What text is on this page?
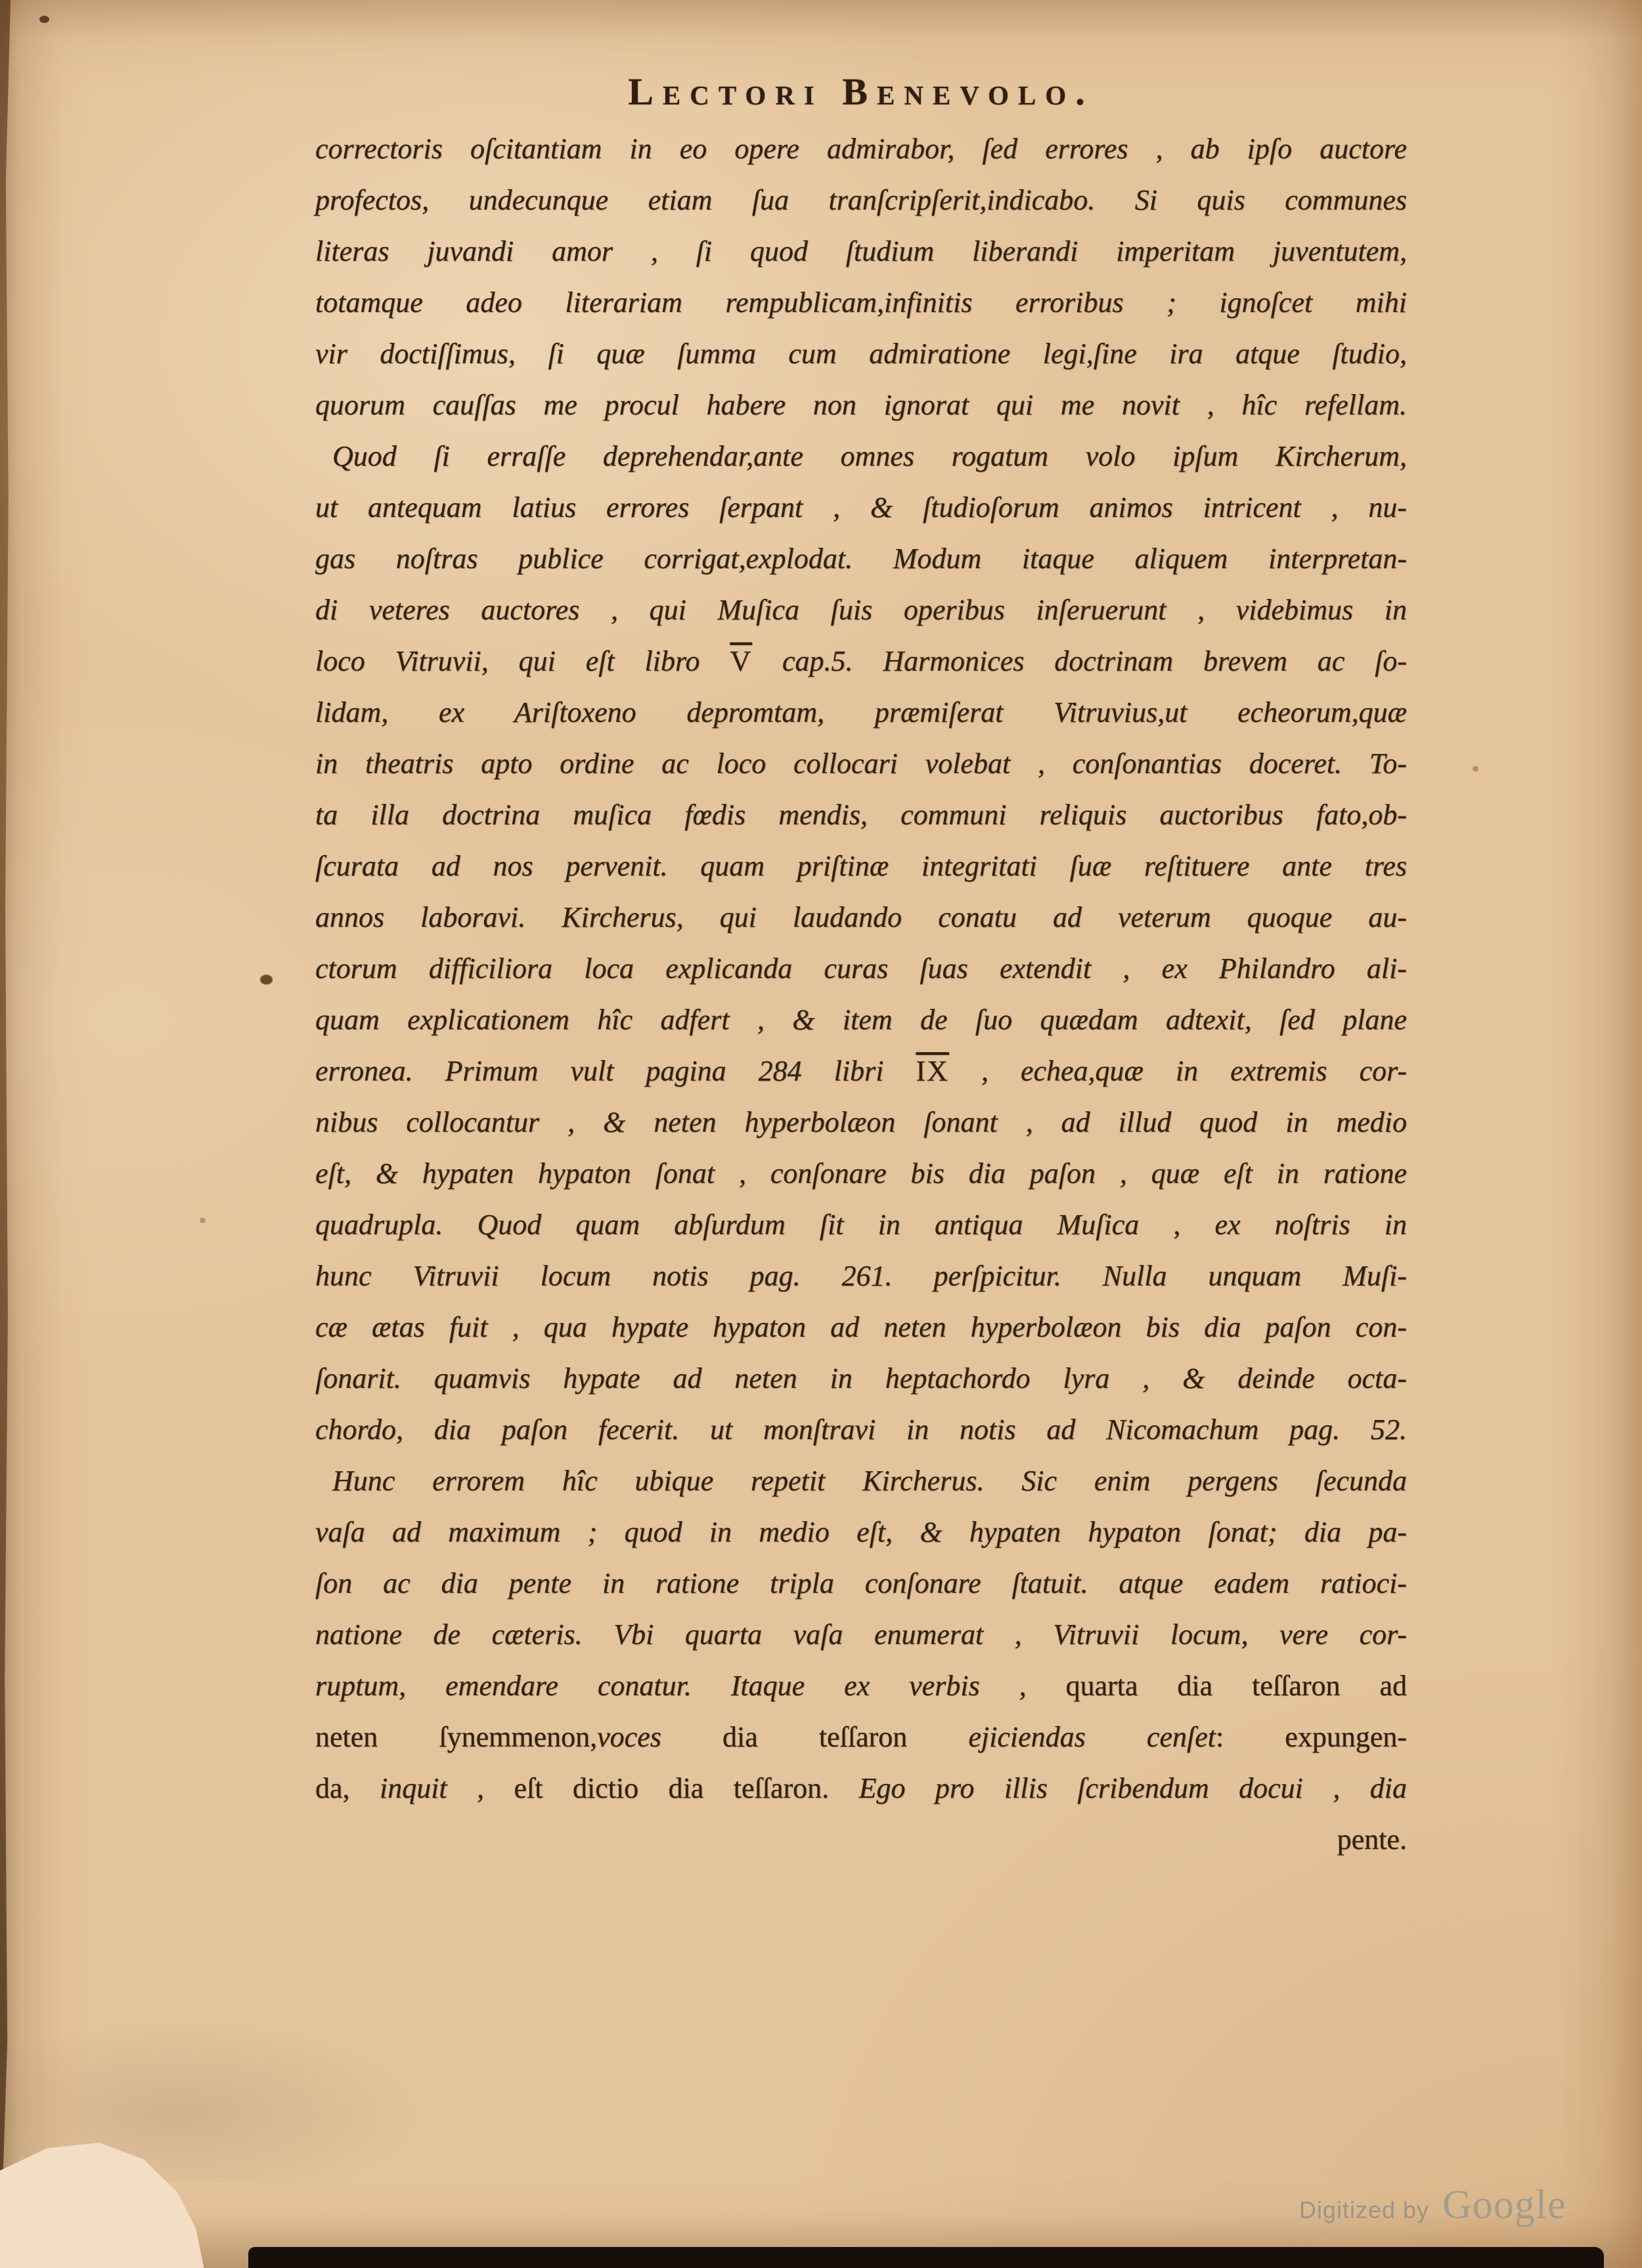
Lectori Benevolo.
correctoris oſcitantiam in eo opere admirabor, ſed errores , ab ipſo auctore
profectos, undecunque etiam ſua tranſcripſerit,indicabo. Si quis communes
literas juvandi amor , ſi quod ſtudium liberandi imperitam juventutem,
totamque adeo literariam rempublicam,infinitis erroribus ; ignoſcet mihi
vir doctiſſimus, ſi quæ ſumma cum admiratione legi,ſine ira atque ſtudio,
quorum cauſſas me procul habere non ignorat qui me novit , hîc refellam.
Quod ſi erraſſe deprehendar,ante omnes rogatum volo ipſum Kircherum,
ut antequam latius errores ſerpant , & ſtudioſorum animos intricent , nu-
gas noſtras publice corrigat,explodat. Modum itaque aliquem interpretan-
di veteres auctores , qui Muſica ſuis operibus inſeruerunt , videbimus in
loco Vitruvii, qui eſt libro $\overline{V}$ cap.5. Harmonices doctrinam brevem ac ſo-
lidam, ex Ariſtoxeno depromtam, præmiſerat Vitruvius,ut echeorum,quæ
in theatris apto ordine ac loco collocari volebat , conſonantias doceret. To-
ta illa doctrina muſica fœdis mendis, communi reliquis auctoribus fato,ob-
ſcurata ad nos pervenit. quam priſtinæ integritati ſuæ reſtituere ante tres
annos laboravi. Kircherus, qui laudando conatu ad veterum quoque au-
ctorum difficiliora loca explicanda curas ſuas extendit , ex Philandro ali-
quam explicationem hîc adfert , & item de ſuo quædam adtexit, ſed plane
erronea. Primum vult pagina 284 libri $\overline{IX}$ , echea,quæ in extremis cor-
nibus collocantur , & neten hyperbolæon ſonant , ad illud quod in medio
eſt, & hypaten hypaton ſonat , conſonare bis dia paſon , quæ eſt in ratione
quadrupla. Quod quam abſurdum ſit in antiqua Muſica , ex noſtris in
hunc Vitruvii locum notis pag. 261. perſpicitur. Nulla unquam Muſi-
cæ ætas fuit , qua hypate hypaton ad neten hyperbolæon bis dia paſon con-
ſonarit. quamvis hypate ad neten in heptachordo lyra , & deinde octa-
chordo, dia paſon fecerit. ut monſtravi in notis ad Nicomachum pag. 52.
Hunc errorem hîc ubique repetit Kircherus. Sic enim pergens ſecunda
vaſa ad maximum ; quod in medio eſt, & hypaten hypaton ſonat; dia pa-
ſon ac dia pente in ratione tripla conſonare ſtatuit. atque eadem ratioci-
natione de cæteris. Vbi quarta vaſa enumerat , Vitruvii locum, vere cor-
ruptum, emendare conatur. Itaque ex verbis , quarta dia teſſaron ad
neten ſynemmenon,voces dia teſſaron ejiciendas cenſet: expungen-
da, inquit , eſt dictio dia teſſaron. Ego pro illis ſcribendum docui , dia
pente.
Digitized by Google
